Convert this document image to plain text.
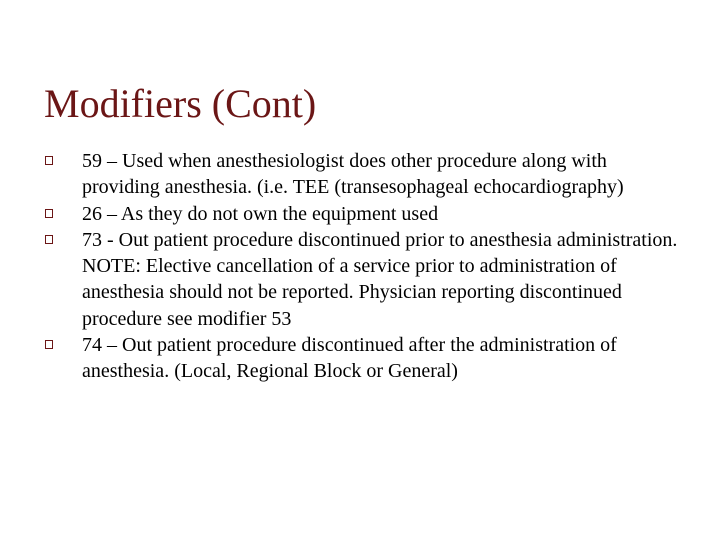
Modifiers (Cont)
59 – Used when anesthesiologist does other procedure along with providing anesthesia. (i.e. TEE (transesophageal echocardiography)
26 – As they do not own the equipment used
73 - Out patient procedure discontinued prior to anesthesia administration. NOTE: Elective cancellation of a service prior to administration of anesthesia should not be reported. Physician reporting discontinued procedure see modifier 53
74 – Out patient procedure discontinued after the administration of anesthesia. (Local, Regional Block or General)
